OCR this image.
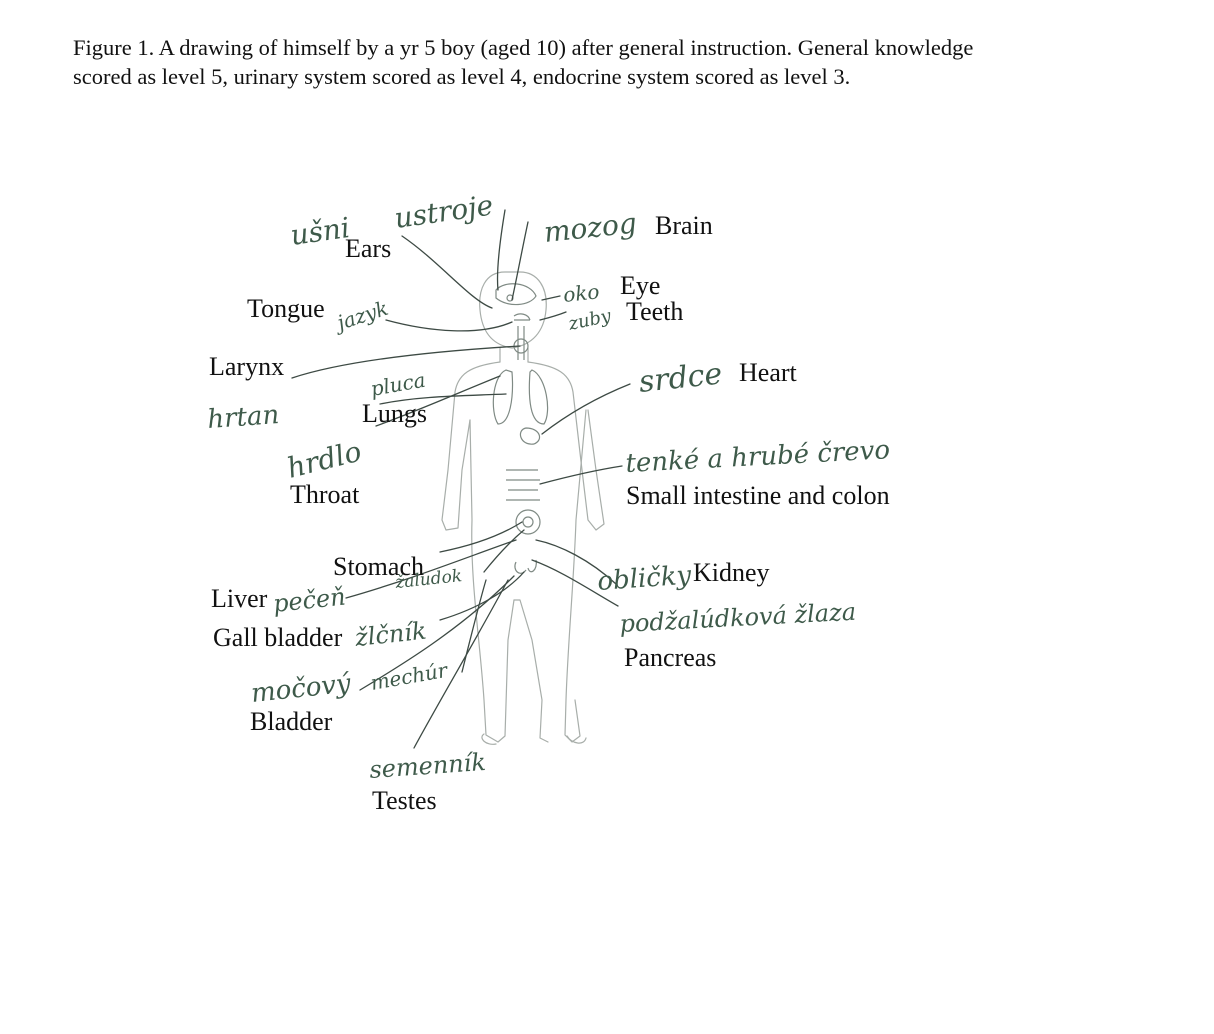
Figure 1. A drawing of himself by a yr 5 boy (aged 10) after general instruction. General knowledge
scored as level 5, urinary system scored as level 4, endocrine system scored as level 3.
ušni ustroje mozog
oko
zuby
jazyk
hrtan
pluca
hrdlo
srdce
tenké a hrubé črevo
žaludok	obličky
pečeň
žlčník	podžalúdková žlaza
močový mechúr
semenník
Ears
Brain
Eye
Teeth
Tongue
Larynx
Lungs
Heart
Throat	Small intestine and colon
Stomach	Kidney
Liver
Gall bladder
Pancreas
Bladder
Testes
